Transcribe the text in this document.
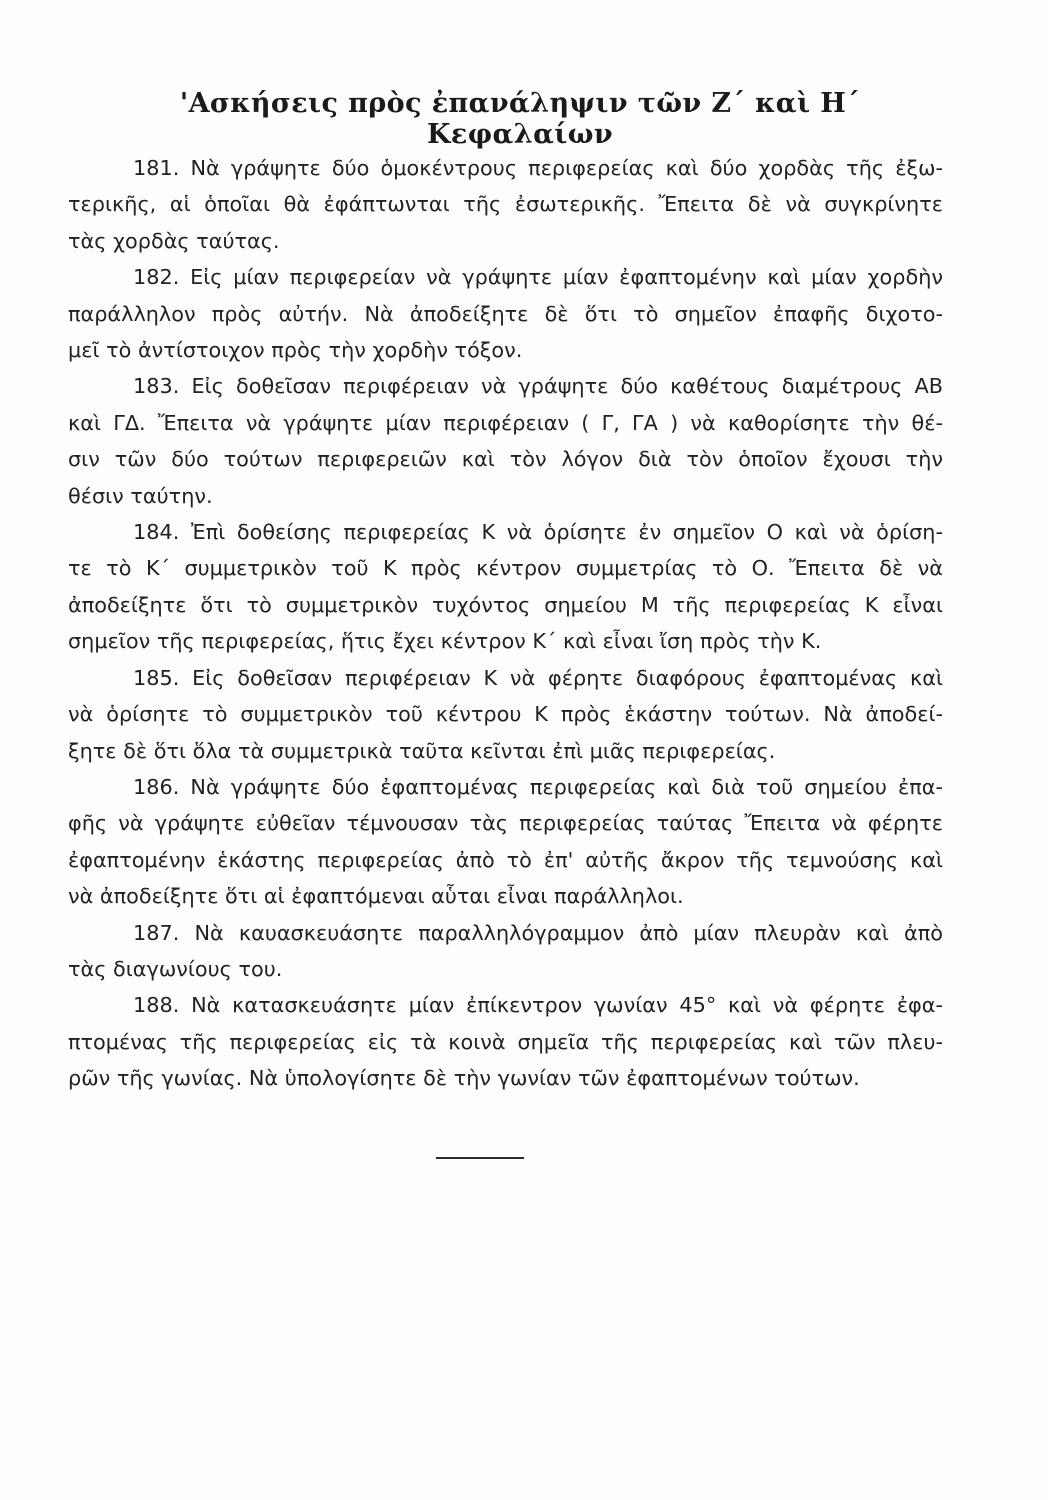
'Ασκήσεις πρὸς ἐπανάληψιν τῶν Ζ΄ καὶ Η΄ Κεφαλαίων

181. Νὰ γράψητε δύο ὁμοκέντρους περιφερείας καὶ δύο χορδὰς τῆς ἐξω-
τερικῆς, αἱ ὁποῖαι θὰ ἐφάπτωνται τῆς ἐσωτερικῆς. Ἔπειτα δὲ νὰ συγκρίνητε
τὰς χορδὰς ταύτας.

182. Εἰς μίαν περιφερείαν νὰ γράψητε μίαν ἐφαπτομένην καὶ μίαν χορδὴν
παράλληλον πρὸς αὐτήν. Νὰ ἀποδείξητε δὲ ὅτι τὸ σημεῖον ἐπαφῆς διχοτο-
μεῖ τὸ ἀντίστοιχον πρὸς τὴν χορδὴν τόξον.

183. Εἰς δοθεῖσαν περιφέρειαν νὰ γράψητε δύο καθέτους διαμέτρους ΑΒ
καὶ ΓΔ. Ἔπειτα νὰ γράψητε μίαν περιφέρειαν ( Γ, ΓΑ ) νὰ καθορίσητε τὴν θέ-
σιν τῶν δύο τούτων περιφερειῶν καὶ τὸν λόγον διὰ τὸν ὁποῖον ἔχουσι τὴν
θέσιν ταύτην.

184. Ἐπὶ δοθείσης περιφερείας Κ νὰ ὁρίσητε ἐν σημεῖον Ο καὶ νὰ ὁρίση-
τε τὸ Κ΄ συμμετρικὸν τοῦ Κ πρὸς κέντρον συμμετρίας τὸ Ο. Ἔπειτα δὲ νὰ
ἀποδείξητε ὅτι τὸ συμμετρικὸν τυχόντος σημείου Μ τῆς περιφερείας Κ εἶναι
σημεῖον τῆς περιφερείας, ἥτις ἔχει κέντρον Κ΄ καὶ εἶναι ἴση πρὸς τὴν Κ.

185. Εἰς δοθεῖσαν περιφέρειαν Κ νὰ φέρητε διαφόρους ἐφαπτομένας καὶ
νὰ ὁρίσητε τὸ συμμετρικὸν τοῦ κέντρου Κ πρὸς ἑκάστην τούτων. Νὰ ἀποδεί-
ξητε δὲ ὅτι ὅλα τὰ συμμετρικὰ ταῦτα κεῖνται ἐπὶ μιᾶς περιφερείας.

186. Νὰ γράψητε δύο ἐφαπτομένας περιφερείας καὶ διὰ τοῦ σημείου ἐπα-
φῆς νὰ γράψητε εὐθεῖαν τέμνουσαν τὰς περιφερείας ταύτας Ἔπειτα νὰ φέρητε
ἐφαπτομένην ἑκάστης περιφερείας ἀπὸ τὸ ἐπ' αὐτῆς ἄκρον τῆς τεμνούσης καὶ
νὰ ἀποδείξητε ὅτι αἱ ἐφαπτόμεναι αὗται εἶναι παράλληλοι.

187. Νὰ καυασκευάσητε παραλληλόγραμμον ἀπὸ μίαν πλευρὰν καὶ ἀπὸ
τὰς διαγωνίους του.

188. Νὰ κατασκευάσητε μίαν ἐπίκεντρον γωνίαν 45° καὶ νὰ φέρητε ἐφα-
πτομένας τῆς περιφερείας εἰς τὰ κοινὰ σημεῖα τῆς περιφερείας καὶ τῶν πλευ-
ρῶν τῆς γωνίας. Νὰ ὑπολογίσητε δὲ τὴν γωνίαν τῶν ἐφαπτομένων τούτων.
